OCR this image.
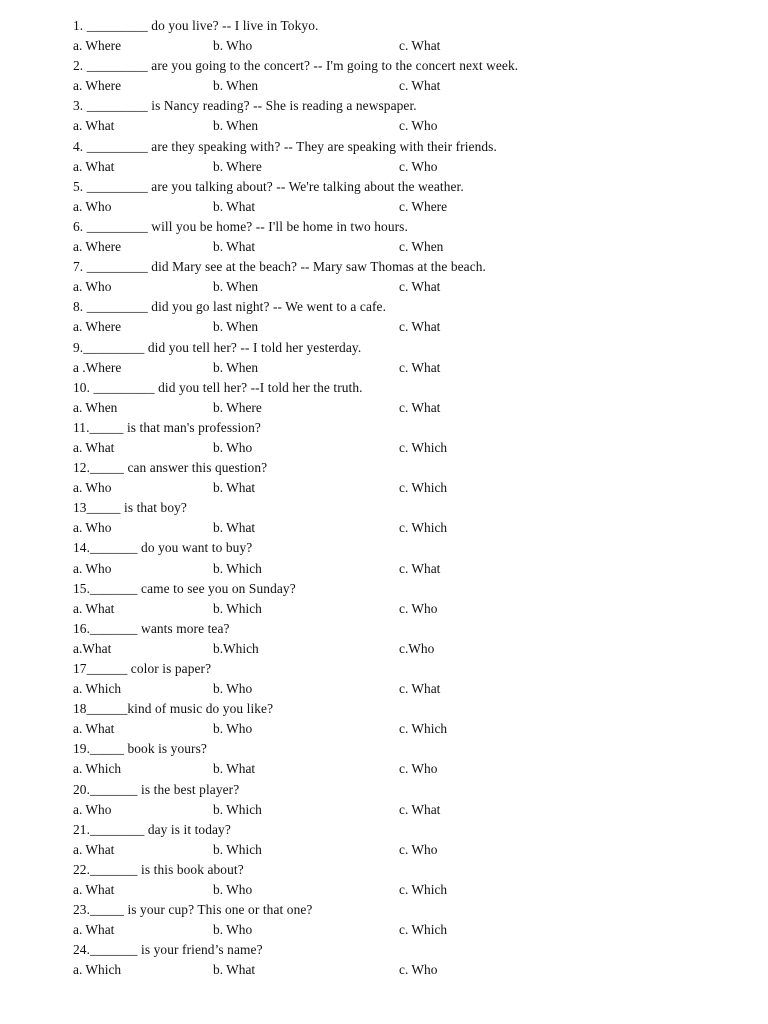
1. _________ do you live? -- I live in Tokyo.
a. Where	b. Who	c. What
2. _________ are you going to the concert? -- I'm going to the concert next week.
a. Where	b. When	c. What
3. _________ is Nancy reading? -- She is reading a newspaper.
a. What	b. When	c. Who
4. _________ are they speaking with? -- They are speaking with their friends.
a. What	b. Where	c. Who
5. _________ are you talking about? -- We're talking about the weather.
a. Who	b. What	c. Where
6. _________ will you be home? -- I'll be home in two hours.
a. Where	b. What	c. When
7. _________ did Mary see at the beach? -- Mary saw Thomas at the beach.
a. Who	b. When	c. What
8. _________ did you go last night? -- We went to a cafe.
a. Where	b. When	c. What
9._________ did you tell her? -- I told her yesterday.
a .Where	b. When	c. What
10. _________ did you tell her? --I told her the truth.
a. When	b. Where	c. What
11._____ is that man's profession?
a. What	b. Who	c. Which
12._____ can answer this question?
a. Who	b. What	c. Which
13_____ is that boy?
a. Who	b. What	c. Which
14._______ do you want to buy?
a. Who	b. Which	c. What
15._______ came to see you on Sunday?
a. What	b. Which	c. Who
16._______ wants more tea?
a.What	b.Which	c.Who
17______ color is paper?
a. Which	b. Who	c. What
18______kind of music do you like?
a. What	b. Who	c. Which
19._____ book is yours?
a. Which	b. What	c. Who
20._______ is the best player?
a. Who	b. Which	c. What
21.________ day is it today?
a. What	b. Which	c. Who
22._______ is this book about?
a. What	b. Who	c. Which
23._____ is your cup? This one or that one?
a. What	b. Who	c. Which
24._______ is your friend’s name?
a. Which	b. What	c. Who
